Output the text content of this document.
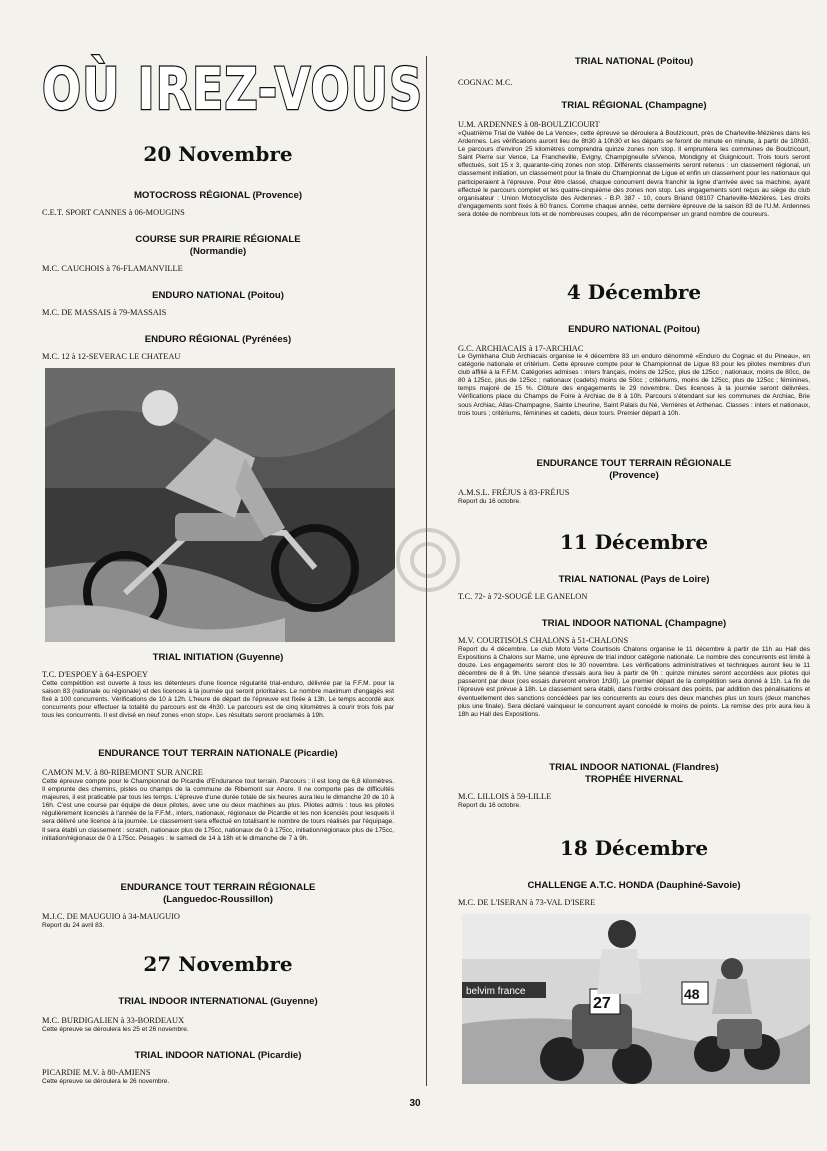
OÙ IREZ-VOUS
20 Novembre
MOTOCROSS RÉGIONAL (Provence)
C.E.T. SPORT CANNES à 06-MOUGINS
COURSE SUR PRAIRIE RÉGIONALE
(Normandie)
M.C. CAUCHOIS à 76-FLAMANVILLE
ENDURO NATIONAL (Poitou)
M.C. DE MASSAIS à 79-MASSAIS
ENDURO RÉGIONAL (Pyrénées)
M.C. 12 à 12-SEVERAC LE CHATEAU
TRIAL INITIATION (Guyenne)
T.C. D'ESPOEY à 64-ESPOEY
Cette compétition est ouverte à tous les détenteurs d'une licence régularité trial-enduro, délivrée par la F.F.M. pour la saison 83 (nationale ou régionale) et des licences à la journée qui seront prioritaires. Le nombre maximum d'engagés est fixé à 100 concurrents. Vérifications de 10 à 12h. L'heure de départ de l'épreuve est fixée à 13h. Le temps accordé aux concurrents pour effectuer la totalité du parcours est de 4h30. Le parcours est de cinq kilomètres à courir trois fois par tous les concurrents. Il est divisé en neuf zones «non stop». Les résultats seront proclamés à 19h.
ENDURANCE TOUT TERRAIN NATIONALE (Picardie)
CAMON M.V. à 80-RIBEMONT SUR ANCRE
Cette épreuve compte pour le Championnat de Picardie d'Endurance tout terrain. Parcours : il est long de 6,8 kilomètres. Il emprunte des chemins, pistes ou champs de la commune de Ribemont sur Ancre. Il ne comporte pas de difficultés majeures, il est praticable par tous les temps. L'épreuve d'une durée totale de six heures aura lieu le dimanche 20 de 10 à 16h. C'est une course par équipe de deux pilotes, avec une ou deux machines au plus. Pilotes admis : tous les pilotes régulièrement licenciés à l'année de la F.F.M., inters, nationaux, régionaux de Picardie et les non licenciés pour lesquels il sera délivré une licence à la journée. Le classement sera effectué en totalisant le nombre de tours réalisés par l'équipage. Il sera établi un classement : scratch, nationaux plus de 175cc, nationaux de 0 à 175cc, initiation/régionaux plus de 175cc, initiation/régionaux de 0 à 175cc. Pesages : le samedi de 14 à 18h et le dimanche de 7 à 9h.
ENDURANCE TOUT TERRAIN RÉGIONALE
(Languedoc-Roussillon)
M.J.C. DE MAUGUIO à 34-MAUGUIO
Report du 24 avril 83.
27 Novembre
TRIAL INDOOR INTERNATIONAL (Guyenne)
M.C. BURDIGALIEN à 33-BORDEAUX
Cette épreuve se déroulera les 25 et 26 novembre.
TRIAL INDOOR NATIONAL (Picardie)
PICARDIE M.V. à 80-AMIENS
Cette épreuve se déroulera le 26 novembre.
TRIAL NATIONAL (Poitou)
COGNAC M.C.
TRIAL RÉGIONAL (Champagne)
U.M. ARDENNES à 08-BOULZICOURT
«Quatrième Trial de Vallée de La Vence», cette épreuve se déroulera à Boulzicourt, près de Charleville-Mézières dans les Ardennes. Les vérifications auront lieu de 8h30 à 10h30 et les départs se feront de minute en minute, à partir de 10h30. Le parcours d'environ 25 kilomètres comprendra quinze zones non stop. Il empruntera les communes de Boulzicourt, Saint Pierre sur Vence, La Francheville, Evigny, Champigneulle s/Vence, Mondigny et Guignicourt. Trois tours seront effectués, soit 15 x 3, quarante-cinq zones non stop. Différents classements seront retenus : un classement régional, un classement initiation, un classement pour la finale du Championnat de Ligue et enfin un classement pour les nationaux qui participeraient à l'épreuve. Pour être classé, chaque concurrent devra franchir la ligne d'arrivée avec sa machine, ayant effectué le parcours complet et les quatre-cinquième des zones non stop. Les engagements sont reçus au siège du club organisateur : Union Motocycliste des Ardennes - B.P. 387 - 10, cours Briand 08107 Charleville-Mézières. Les droits d'engagements sont fixés à 60 francs. Comme chaque année, cette dernière épreuve de la saison 83 de l'U.M. Ardennes sera dotée de nombreux lots et de nombreuses coupes, afin de récompenser un grand nombre de coureurs.
4 Décembre
ENDURO NATIONAL (Poitou)
G.C. ARCHIACAIS à 17-ARCHIAC
Le Gymkhana Club Archiacais organise le 4 décembre 83 un enduro dénommé «Enduro du Cognac et du Pineau», en catégorie nationale et critérium. Cette épreuve compte pour le Championnat de Ligue 83 pour les pilotes membres d'un club affilié à la F.F.M. Catégories admises : inters français, moins de 125cc, plus de 125cc ; nationaux, moins de 80cc, de 80 à 125cc, plus de 125cc ; nationaux (cadets) moins de 50cc ; critériums, moins de 125cc, plus de 125cc ; féminines, temps majoré de 15 %. Clôture des engagements le 29 novembre. Des licences à la journée seront délivrées. Vérifications place du Champs de Foire à Archiac de 8 à 10h. Parcours s'étendant sur les communes de Archiac, Brie sous Archiac, Allas-Champagne, Sainte Lheurine, Saint Palais du Né, Verrières et Arthenac. Classes : inters et nationaux, trois tours ; critériums, féminines et cadets, deux tours. Premier départ à 10h.
ENDURANCE TOUT TERRAIN RÉGIONALE
(Provence)
A.M.S.L. FRÉJUS à 83-FRÉJUS
Report du 16 octobre.
11 Décembre
TRIAL NATIONAL (Pays de Loire)
T.C. 72- à 72-SOUGÉ LE GANELON
TRIAL INDOOR NATIONAL (Champagne)
M.V. COURTISOLS CHALONS à 51-CHALONS
Report du 4 décembre. Le club Moto Verte Courtisols Chalons organise le 11 décembre à partir de 11h au Hall des Expositions à Chalons sur Marne, une épreuve de trial indoor catégorie nationale. Le nombre des concurrents est limité à douze. Les engagements seront clos le 30 novembre. Les vérifications administratives et techniques auront lieu le 11 décembre de 8 à 9h. Une séance d'essais aura lieu à partir de 9h : quinze minutes seront accordées aux pilotes qui passeront par deux (ces essais dureront environ 1h30). Le premier départ de la compétition sera donné à 11h. La fin de l'épreuve est prévue à 18h. Le classement sera établi, dans l'ordre croissant des points, par addition des pénalisations et éventuellement des sanctions concédées par les concurrents au cours des deux manches plus un tours (deux manches plus une finale). Sera déclaré vainqueur le concurrent ayant concédé le moins de points. La remise des prix aura lieu à 18h au Hall des Expositions.
TRIAL INDOOR NATIONAL (Flandres)
TROPHÉE HIVERNAL
M.C. LILLOIS à 59-LILLE
Report du 16 octobre.
18 Décembre
CHALLENGE A.T.C. HONDA (Dauphiné-Savoie)
M.C. DE L'ISERAN à 73-VAL D'ISERE
belvim france
27
48
30
